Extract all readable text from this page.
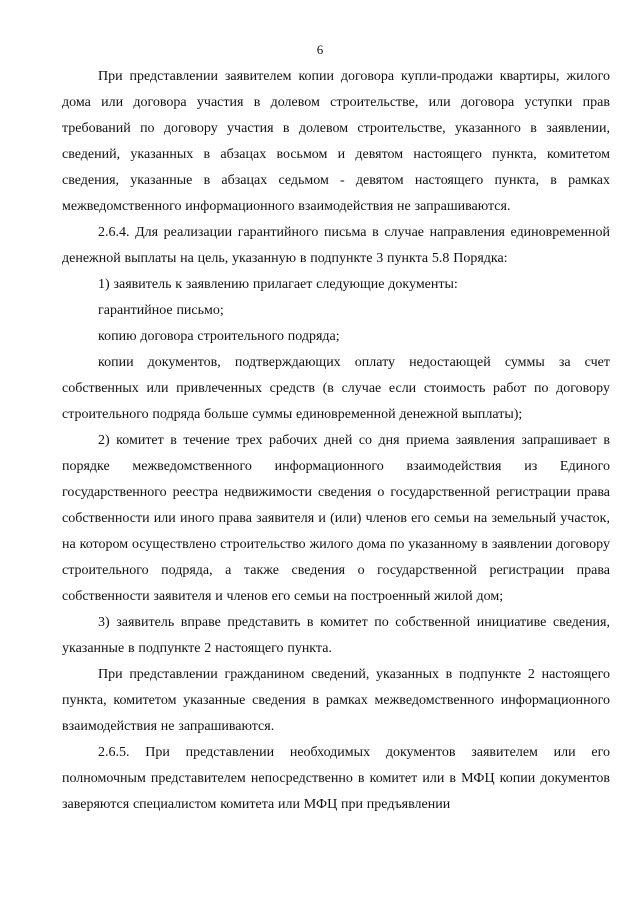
6

При представлении заявителем копии договора купли-продажи квартиры, жилого дома или договора участия в долевом строительстве, или договора уступки прав требований по договору участия в долевом строительстве, указанного в заявлении, сведений, указанных в абзацах восьмом и девятом настоящего пункта, комитетом сведения, указанные в абзацах седьмом - девятом настоящего пункта, в рамках межведомственного информационного взаимодействия не запрашиваются.

2.6.4. Для реализации гарантийного письма в случае направления единовременной денежной выплаты на цель, указанную в подпункте 3 пункта 5.8 Порядка:

1) заявитель к заявлению прилагает следующие документы:

гарантийное письмо;

копию договора строительного подряда;

копии документов, подтверждающих оплату недостающей суммы за счет собственных или привлеченных средств (в случае если стоимость работ по договору строительного подряда больше суммы единовременной денежной выплаты);

2) комитет в течение трех рабочих дней со дня приема заявления запрашивает в порядке межведомственного информационного взаимодействия из Единого государственного реестра недвижимости сведения о государственной регистрации права собственности или иного права заявителя и (или) членов его семьи на земельный участок, на котором осуществлено строительство жилого дома по указанному в заявлении договору строительного подряда, а также сведения о государственной регистрации права собственности заявителя и членов его семьи на построенный жилой дом;

3) заявитель вправе представить в комитет по собственной инициативе сведения, указанные в подпункте 2 настоящего пункта.

При представлении гражданином сведений, указанных в подпункте 2 настоящего пункта, комитетом указанные сведения в рамках межведомственного информационного взаимодействия не запрашиваются.

2.6.5. При представлении необходимых документов заявителем или его полномочным представителем непосредственно в комитет или в МФЦ копии документов заверяются специалистом комитета или МФЦ при предъявлении
